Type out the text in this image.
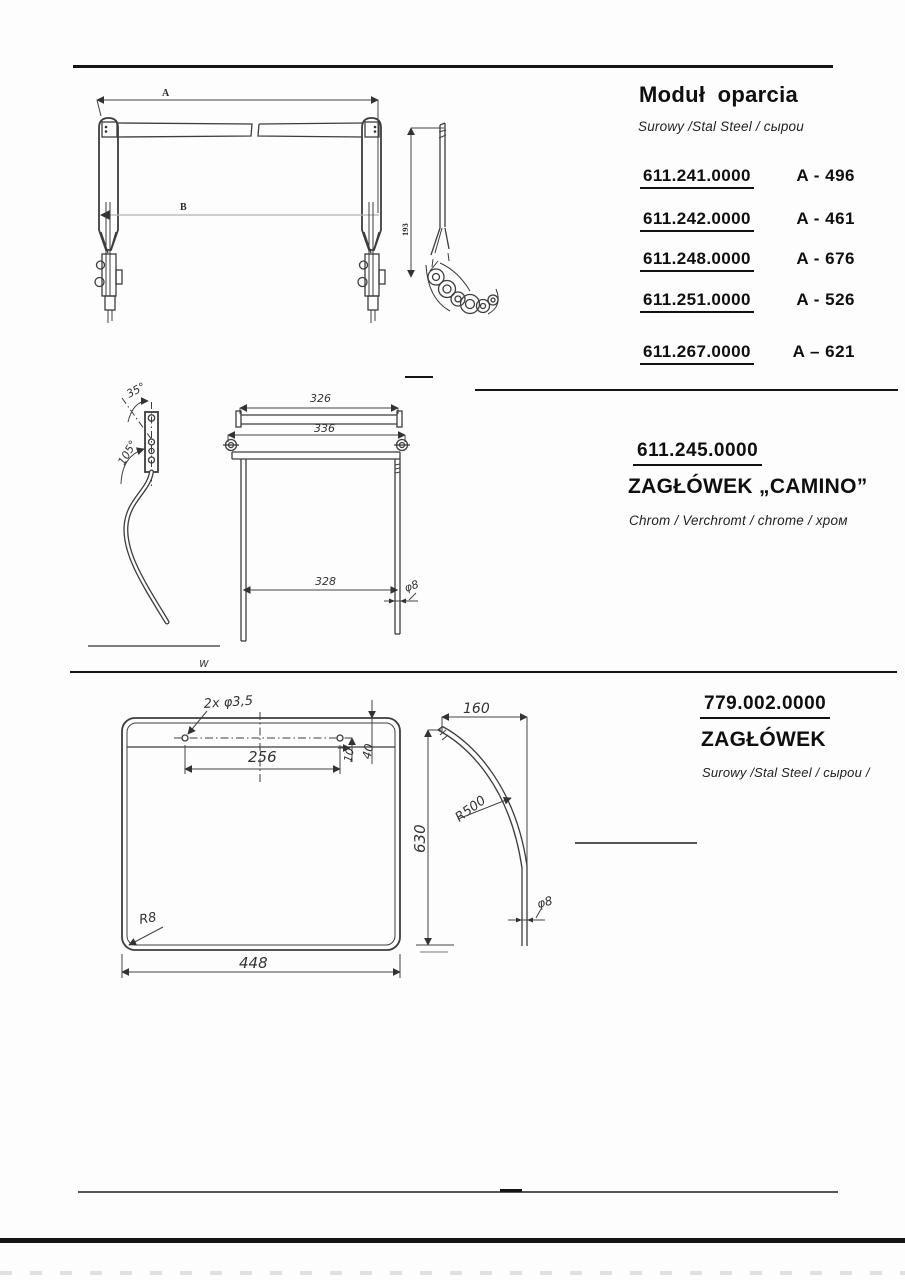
Moduł oparcia
Surowy /Stal Steel / сырои
611.241.0000	A - 496
611.242.0000	A - 461
611.248.0000	A - 676
611.251.0000	A - 526
611.267.0000 A – 621
A
B
193
611.245.0000
ZAGŁÓWEK „CAMINO”
Chrom / Verchromt / chrome / хром
35°
105°
326
336
328	φ8
w
779.002.0000
ZAGŁÓWEK
Surowy /Stal Steel / сырои /
2x φ3,5
256	10 40
R8
448
160
630
R500
φ8
